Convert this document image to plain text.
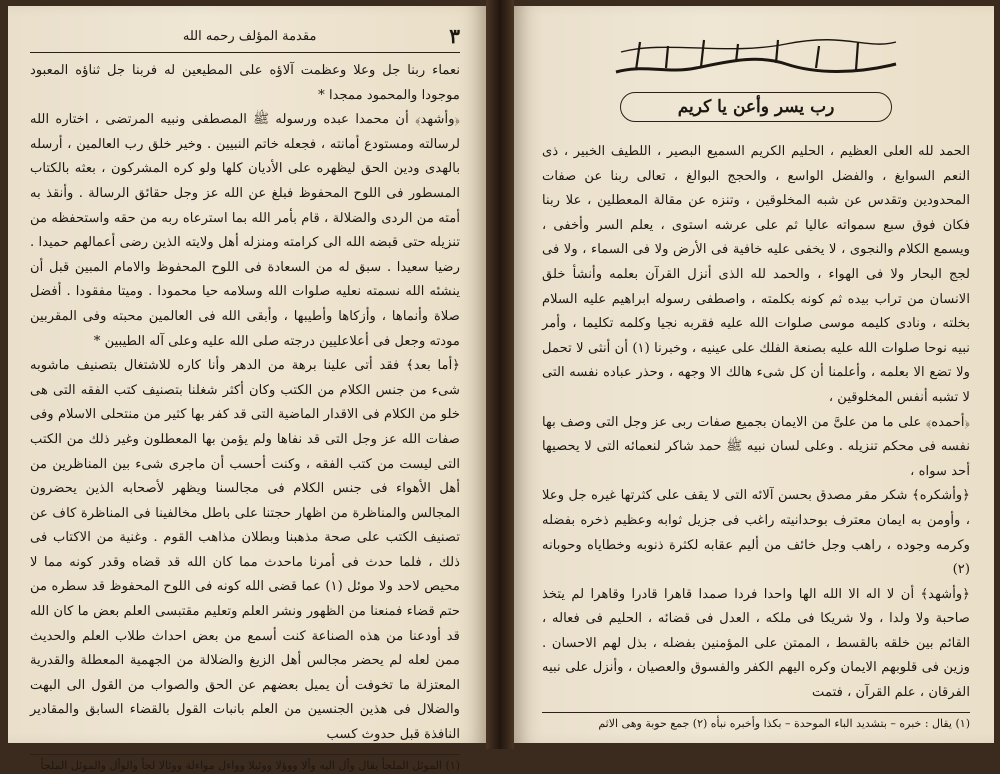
٣
مقدمة المؤلف رحمه الله

نعماء ربنا جل وعلا وعظمت آلاؤه على المطيعين له فربنا جل ثناؤه المعبود موجودا والمحمود ممجدا *

﴿وأشهد﴾ أن محمدا عبده ورسوله ﷺ المصطفى ونبيه المرتضى ، اختاره الله لرسالته ومستودع أمانته ، فجعله خاتم النبيين . وخير خلق رب العالمين ، أرسله بالهدى ودين الحق ليظهره على الأديان كلها ولو كره المشركون ، بعثه بالكتاب المسطور فى اللوح المحفوظ فبلغ عن الله عز وجل حقائق الرسالة . وأنقذ به أمته من الردى والضلالة ، قام بأمر الله بما استرعاه ربه من حقه واستحفظه من تنزيله حتى قبضه الله الى كرامته ومنزله أهل ولايته الذين رضى أعمالهم حميدا . رضيا سعيدا . سبق له من السعادة فى اللوح المحفوظ والامام المبين قبل أن ينشئه الله نسمته نعليه صلوات الله وسلامه حيا محمودا . وميتا مفقودا . أفضل صلاة وأنماها ، وأزكاها وأطيبها ، وأبقى الله فى العالمين محبته وفى المقربين مودته وجعل فى أعلاعليين درجته صلى الله عليه وعلى آله الطيبين *

﴿أما بعد﴾ فقد أتى علينا برهة من الدهر وأنا كاره للاشتغال بتصنيف ماشوبه شىء من جنس الكلام من الكتب وكان أكثر شغلنا بتصنيف كتب الفقه التى هى خلو من الكلام فى الاقدار الماضية التى قد كفر بها كثير من منتحلى الاسلام وفى صفات الله عز وجل التى قد نفاها ولم يؤمن بها المعطلون وغير ذلك من الكتب التى ليست من كتب الفقه ، وكنت أحسب أن ماجرى شىء بين المناظرين من أهل الأهواء فى جنس الكلام فى مجالسنا ويظهر لأصحابه الذين يحضرون المجالس والمناظرة من اظهار حجتنا على باطل مخالفينا فى المناظرة كاف عن تصنيف الكتب على صحة مذهبنا وبطلان مذاهب القوم . وغنية من الاكتاب فى ذلك ، فلما حدث فى أمرنا ماحدث مما كان الله قد قضاه وقدر كونه مما لا محيص لاحد ولا موئل (١) عما قضى الله كونه فى اللوح المحفوظ قد سطره من حتم قضاء فمنعنا من الظهور ونشر العلم وتعليم مقتبسى العلم بعض ما كان الله قد أودعنا من هذه الصناعة كنت أسمع من بعض احداث طلاب العلم والحديث ممن لعله لم يحضر مجالس أهل الزيغ والضلالة من الجهمية المعطلة والقدرية المعتزلة ما تخوفت أن يميل بعضهم عن الحق والصواب من القول الى البهت والضلال فى هذين الجنسين من العلم بانبات القول بالقضاء السابق والمقادير النافذة قبل حدوث كسب

(١) الموئل الملجأ يقال وأل اليه وألا ووؤلا ووئيلا وواءل مواءلة ووئالا لجأ والوأل والموئل الملجأ
رب يسر وأعن يا كريم

الحمد لله العلى العظيم ، الحليم الكريم السميع البصير ، اللطيف الخبير ، ذى النعم السوابغ ، والفضل الواسع ، والحجج البوالغ ، تعالى ربنا عن صفات المحدودين وتقدس عن شبه المخلوقين ، وتنزه عن مقالة المعطلين ، علا ربنا فكان فوق سبع سمواته عاليا ثم على عرشه استوى ، يعلم السر وأخفى ، ويسمع الكلام والنجوى ، لا يخفى عليه خافية فى الأرض ولا فى السماء ، ولا فى لجج البحار ولا فى الهواء ، والحمد لله الذى أنزل القرآن بعلمه وأنشأ خلق الانسان من تراب بيده ثم كونه بكلمته ، واصطفى رسوله ابراهيم عليه السلام بخلته ، ونادى كليمه موسى صلوات الله عليه فقربه نجيا وكلمه تكليما ، وأمر نبيه نوحا صلوات الله عليه بصنعة الفلك على عينيه ، وخبرنا (١) أن أنثى لا تحمل ولا تضع الا بعلمه ، وأعلمنا أن كل شىء هالك الا وجهه ، وحذر عباده نفسه التى لا تشبه أنفس المخلوقين ،

﴿أحمده﴾ على ما من علىَّ من الايمان بجميع صفات ربى عز وجل التى وصف بها نفسه فى محكم تنزيله . وعلى لسان نبيه ﷺ حمد شاكر لنعمائه التى لا يحصيها أحد سواه ،

﴿وأشكره﴾ شكر مقر مصدق بحسن آلائه التى لا يقف على كثرتها غيره جل وعلا ، وأومن به ايمان معترف بوحدانيته راغب فى جزيل ثوابه وعظيم ذخره بفضله وكرمه وجوده ، راهب وجل خائف من أليم عقابه لكثرة ذنوبه وخطاياه وحوبانه (٢)

﴿وأشهد﴾ أن لا اله الا الله الها واحدا فردا صمدا قاهرا قادرا وقاهرا لم يتخذ صاحبة ولا ولدا ، ولا شريكا فى ملكه ، العدل فى قضائه ، الحليم فى فعاله ، القائم بين خلقه بالقسط ، الممتن على المؤمنين بفضله ، بذل لهم الاحسان . وزين فى قلوبهم الايمان وكره اليهم الكفر والفسوق والعصيان ، وأنزل على نبيه الفرقان ، علم القرآن ، فتمت

(١) يقال : خبره – بتشديد الباء الموحدة – بكذا وأخبره نبأه (٢) جمع حوبة وهى الاثم
